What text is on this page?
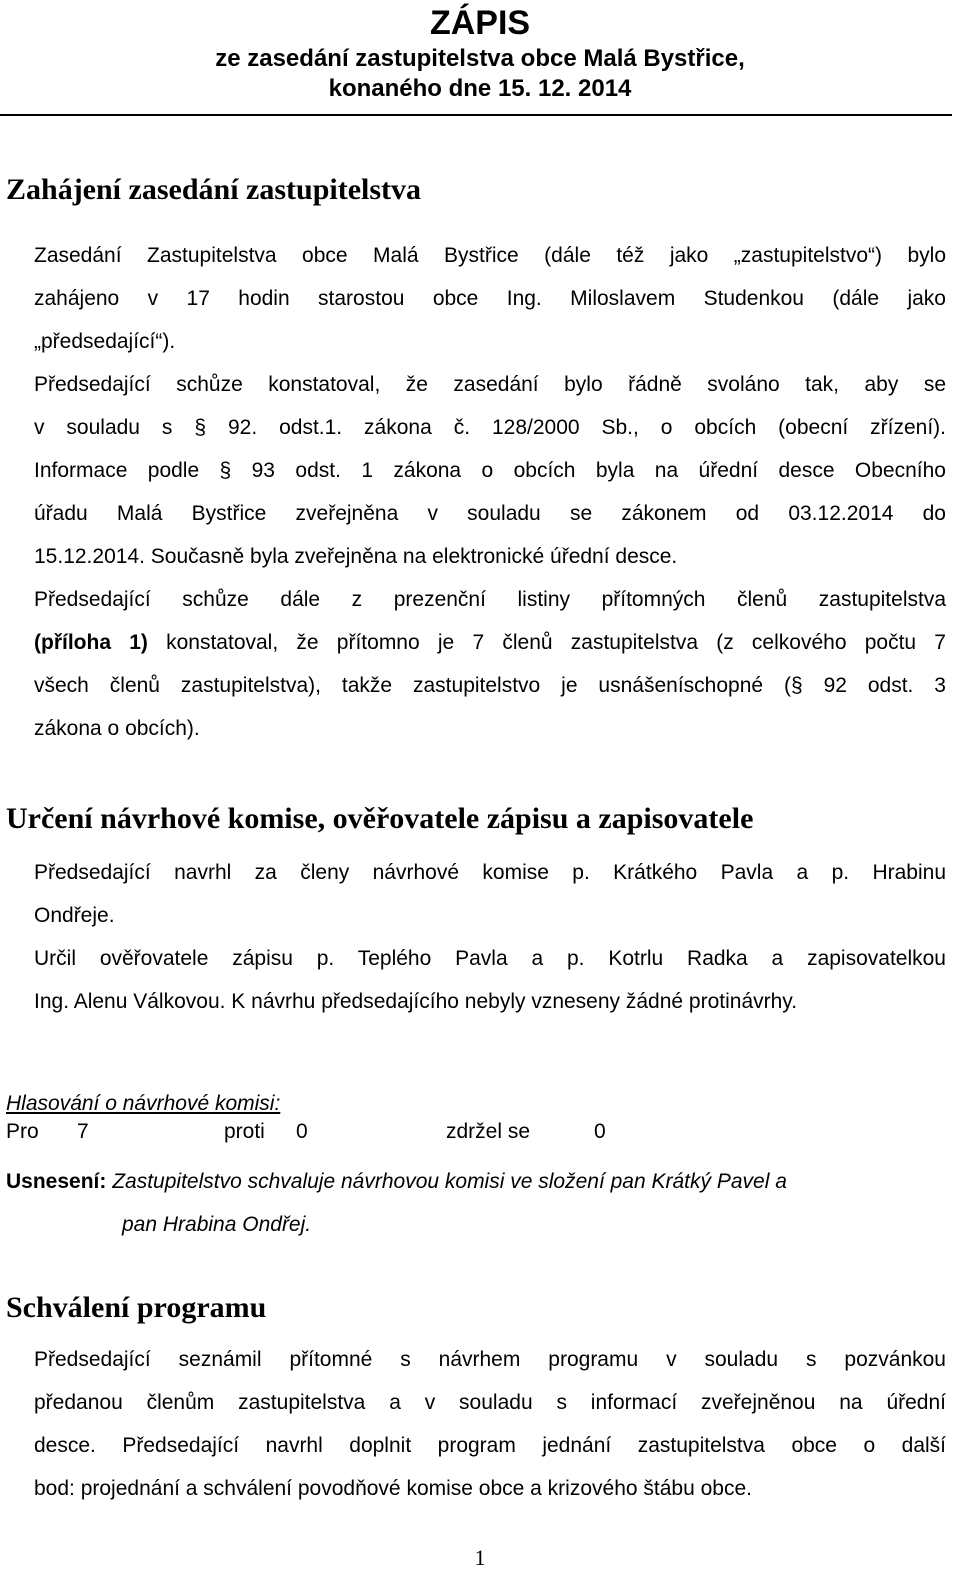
ZÁPIS
ze zasedání zastupitelstva obce Malá Bystřice,
konaného dne 15. 12. 2014
Zahájení zasedání zastupitelstva
Zasedání Zastupitelstva obce Malá Bystřice (dále též jako „zastupitelstvo“) bylo
zahájeno v 17 hodin starostou obce Ing. Miloslavem Studenkou (dále jako
„předsedající“).
Předsedající schůze konstatoval, že zasedání bylo řádně svoláno tak, aby se
v souladu s § 92. odst.1. zákona č. 128/2000 Sb., o obcích (obecní zřízení).
Informace podle § 93 odst. 1 zákona o obcích byla na úřední desce Obecního
úřadu Malá Bystřice zveřejněna v souladu se zákonem od 03.12.2014 do
15.12.2014. Současně byla zveřejněna na elektronické úřední desce.
Předsedající schůze dále z prezenční listiny přítomných členů zastupitelstva
(příloha 1) konstatoval, že přítomno je 7 členů zastupitelstva (z celkového počtu 7
všech členů zastupitelstva), takže zastupitelstvo je usnášeníschopné (§ 92 odst. 3
zákona o obcích).
Určení návrhové komise, ověřovatele zápisu a zapisovatele
Předsedající navrhl za členy návrhové komise p. Krátkého Pavla a p. Hrabinu
Ondřeje.
Určil ověřovatele zápisu p. Teplého Pavla a p. Kotrlu Radka a zapisovatelkou
Ing. Alenu Válkovou. K návrhu předsedajícího nebyly vzneseny žádné protinávrhy.
Hlasování o návrhové komisi:
Pro 7	proti 0	zdržel se	0
Usnesení: Zastupitelstvo schvaluje návrhovou komisi ve složení pan Krátký Pavel a
pan Hrabina Ondřej.
Schválení programu
Předsedající seznámil přítomné s návrhem programu v souladu s pozvánkou
předanou členům zastupitelstva a v souladu s informací zveřejněnou na úřední
desce. Předsedající navrhl doplnit program jednání zastupitelstva obce o další
bod: projednání a schválení povodňové komise obce a krizového štábu obce.
1
